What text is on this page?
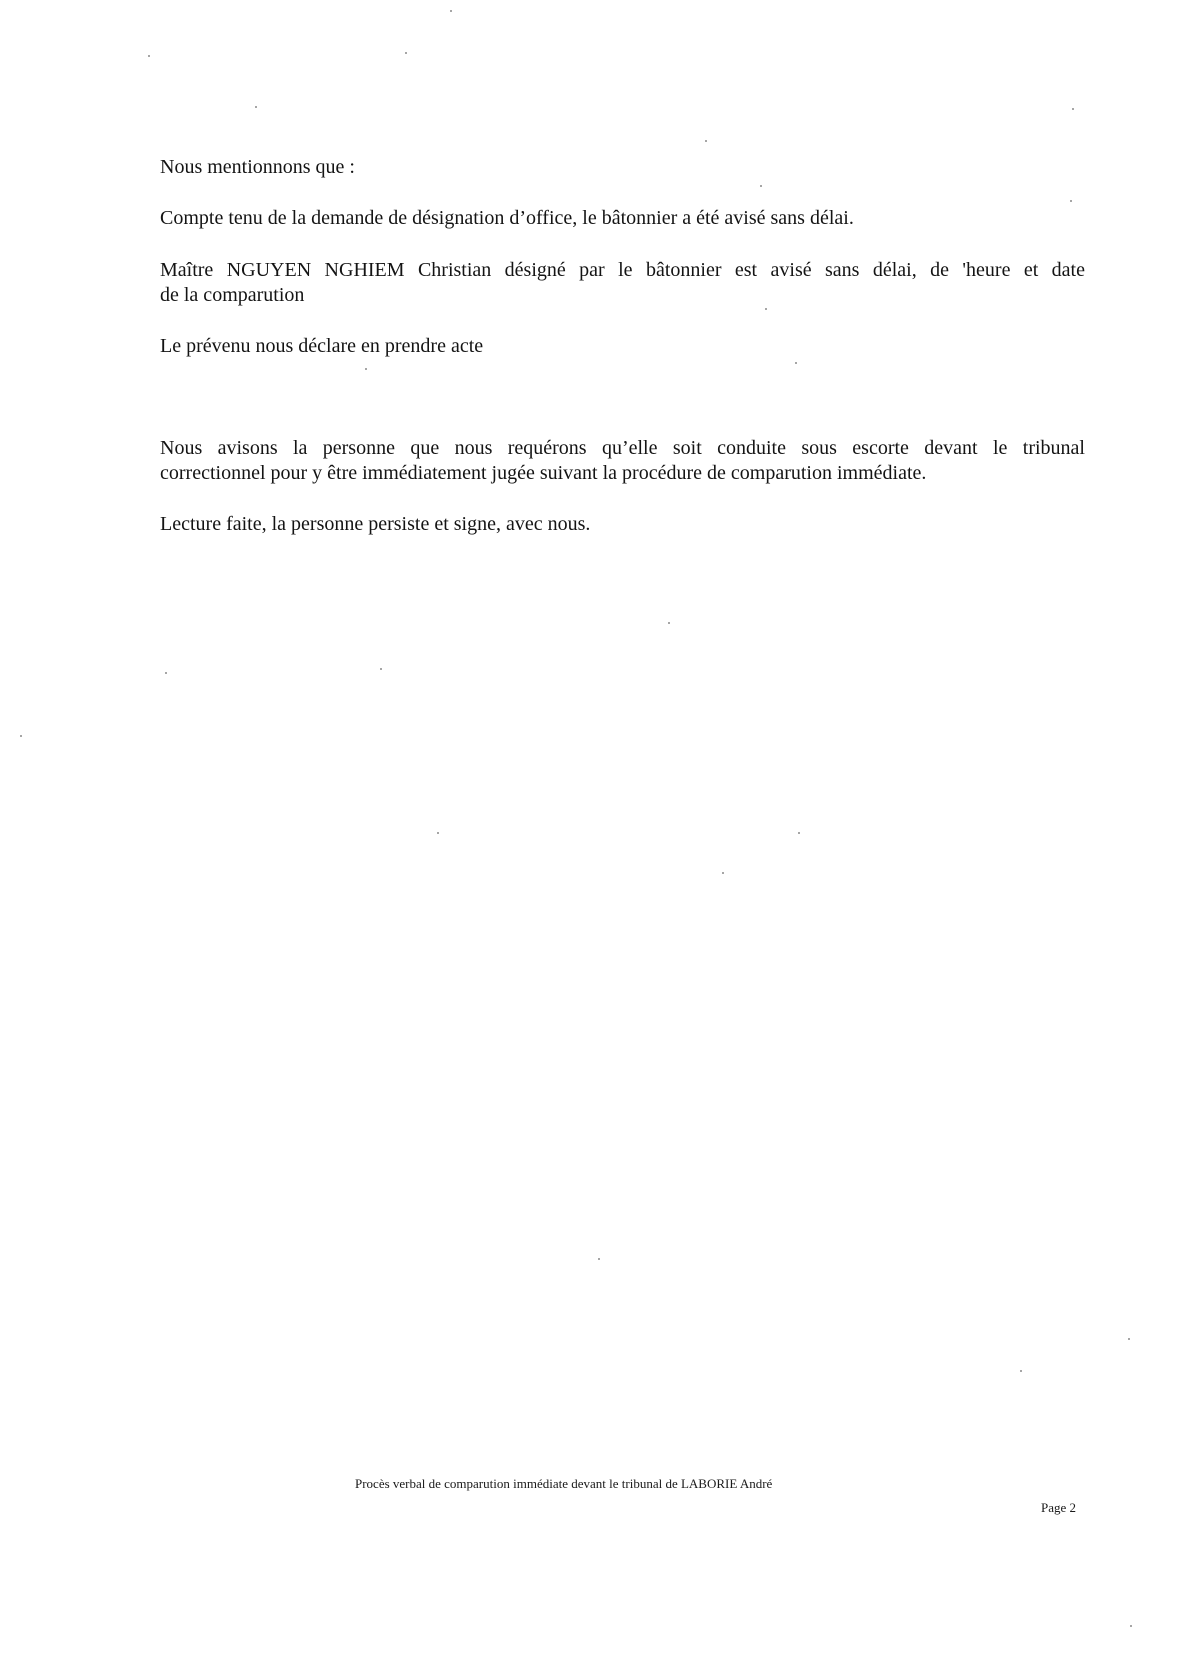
Nous mentionnons que :

Compte tenu de la demande de désignation d’office, le bâtonnier a été avisé sans délai.

Maître NGUYEN NGHIEM Christian désigné par le bâtonnier est avisé sans délai, de 'heure et date

de la comparution

Le prévenu nous déclare en prendre acte

Nous avisons la personne que nous requérons qu’elle soit conduite sous escorte devant le tribunal

correctionnel pour y être immédiatement jugée suivant la procédure de comparution immédiate.

Lecture faite, la personne persiste et signe, avec nous.

Procès verbal de comparution immédiate devant le tribunal de LABORIE André
Page 2
